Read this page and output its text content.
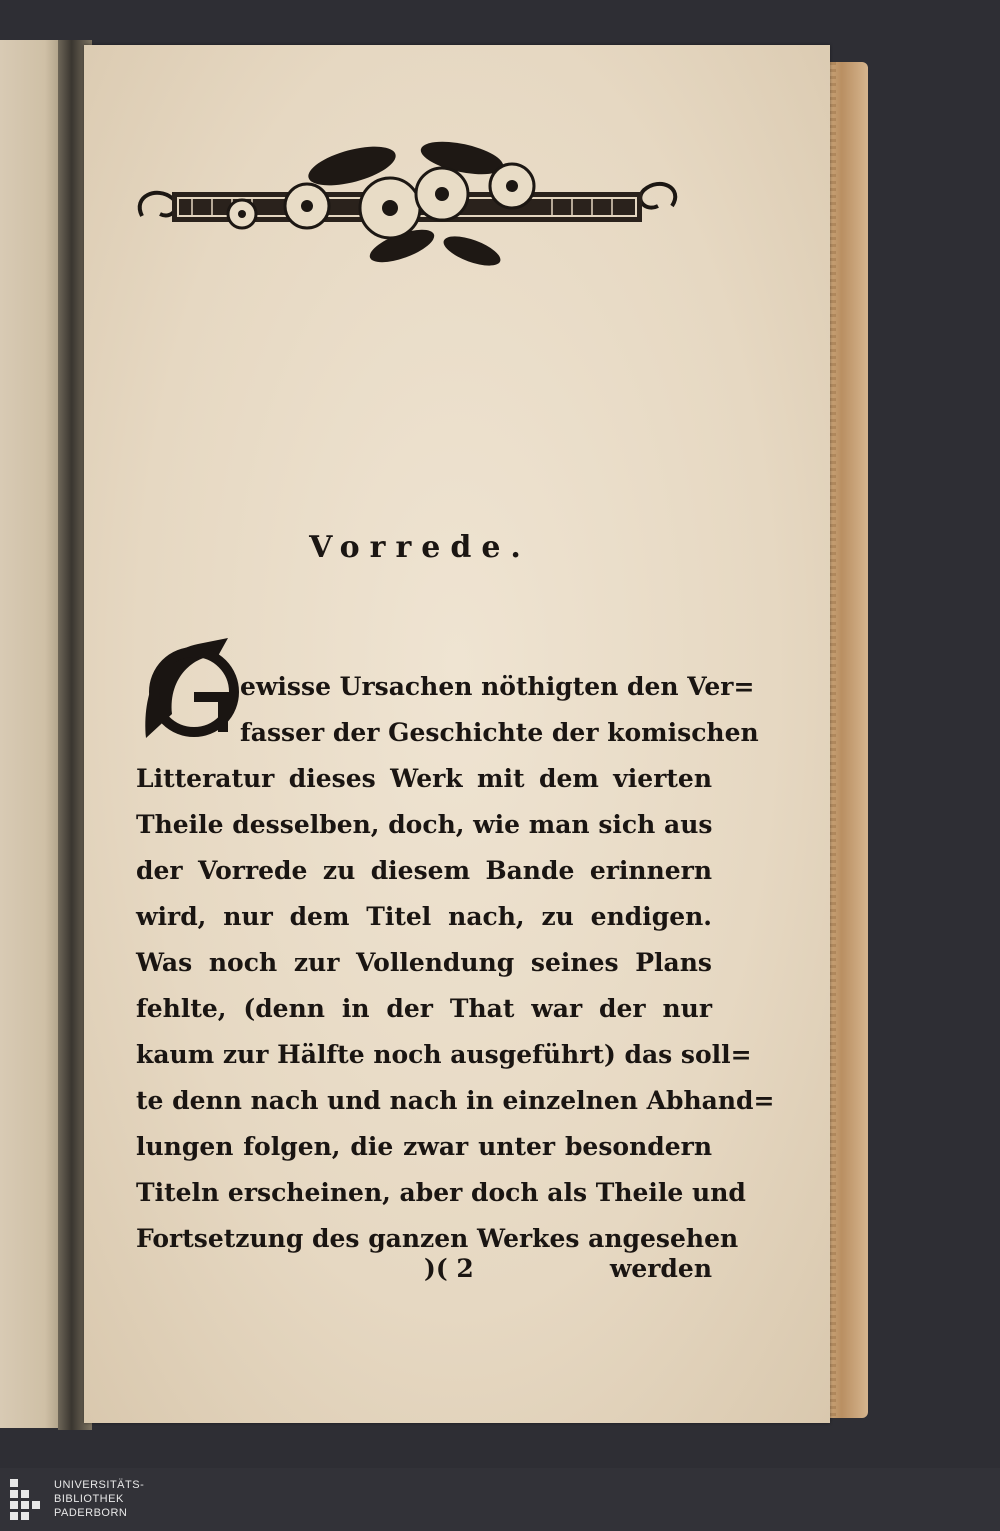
Vorrede.
ewisse Ursachen nöthigten den Ver=
fasser der Geschichte der komischen
Litteratur dieses Werk mit dem vierten
Theile desselben, doch, wie man sich aus
der Vorrede zu diesem Bande erinnern
wird, nur dem Titel nach, zu endigen.
Was noch zur Vollendung seines Plans
fehlte, (denn in der That war der nur
kaum zur Hälfte noch ausgeführt) das soll=
te denn nach und nach in einzelnen Abhand=
lungen folgen, die zwar unter besondern
Titeln erscheinen, aber doch als Theile und
Fortsetzung des ganzen Werkes angesehen
)( 2	werden
UNIVERSITÄTS-
BIBLIOTHEK
PADERBORN
